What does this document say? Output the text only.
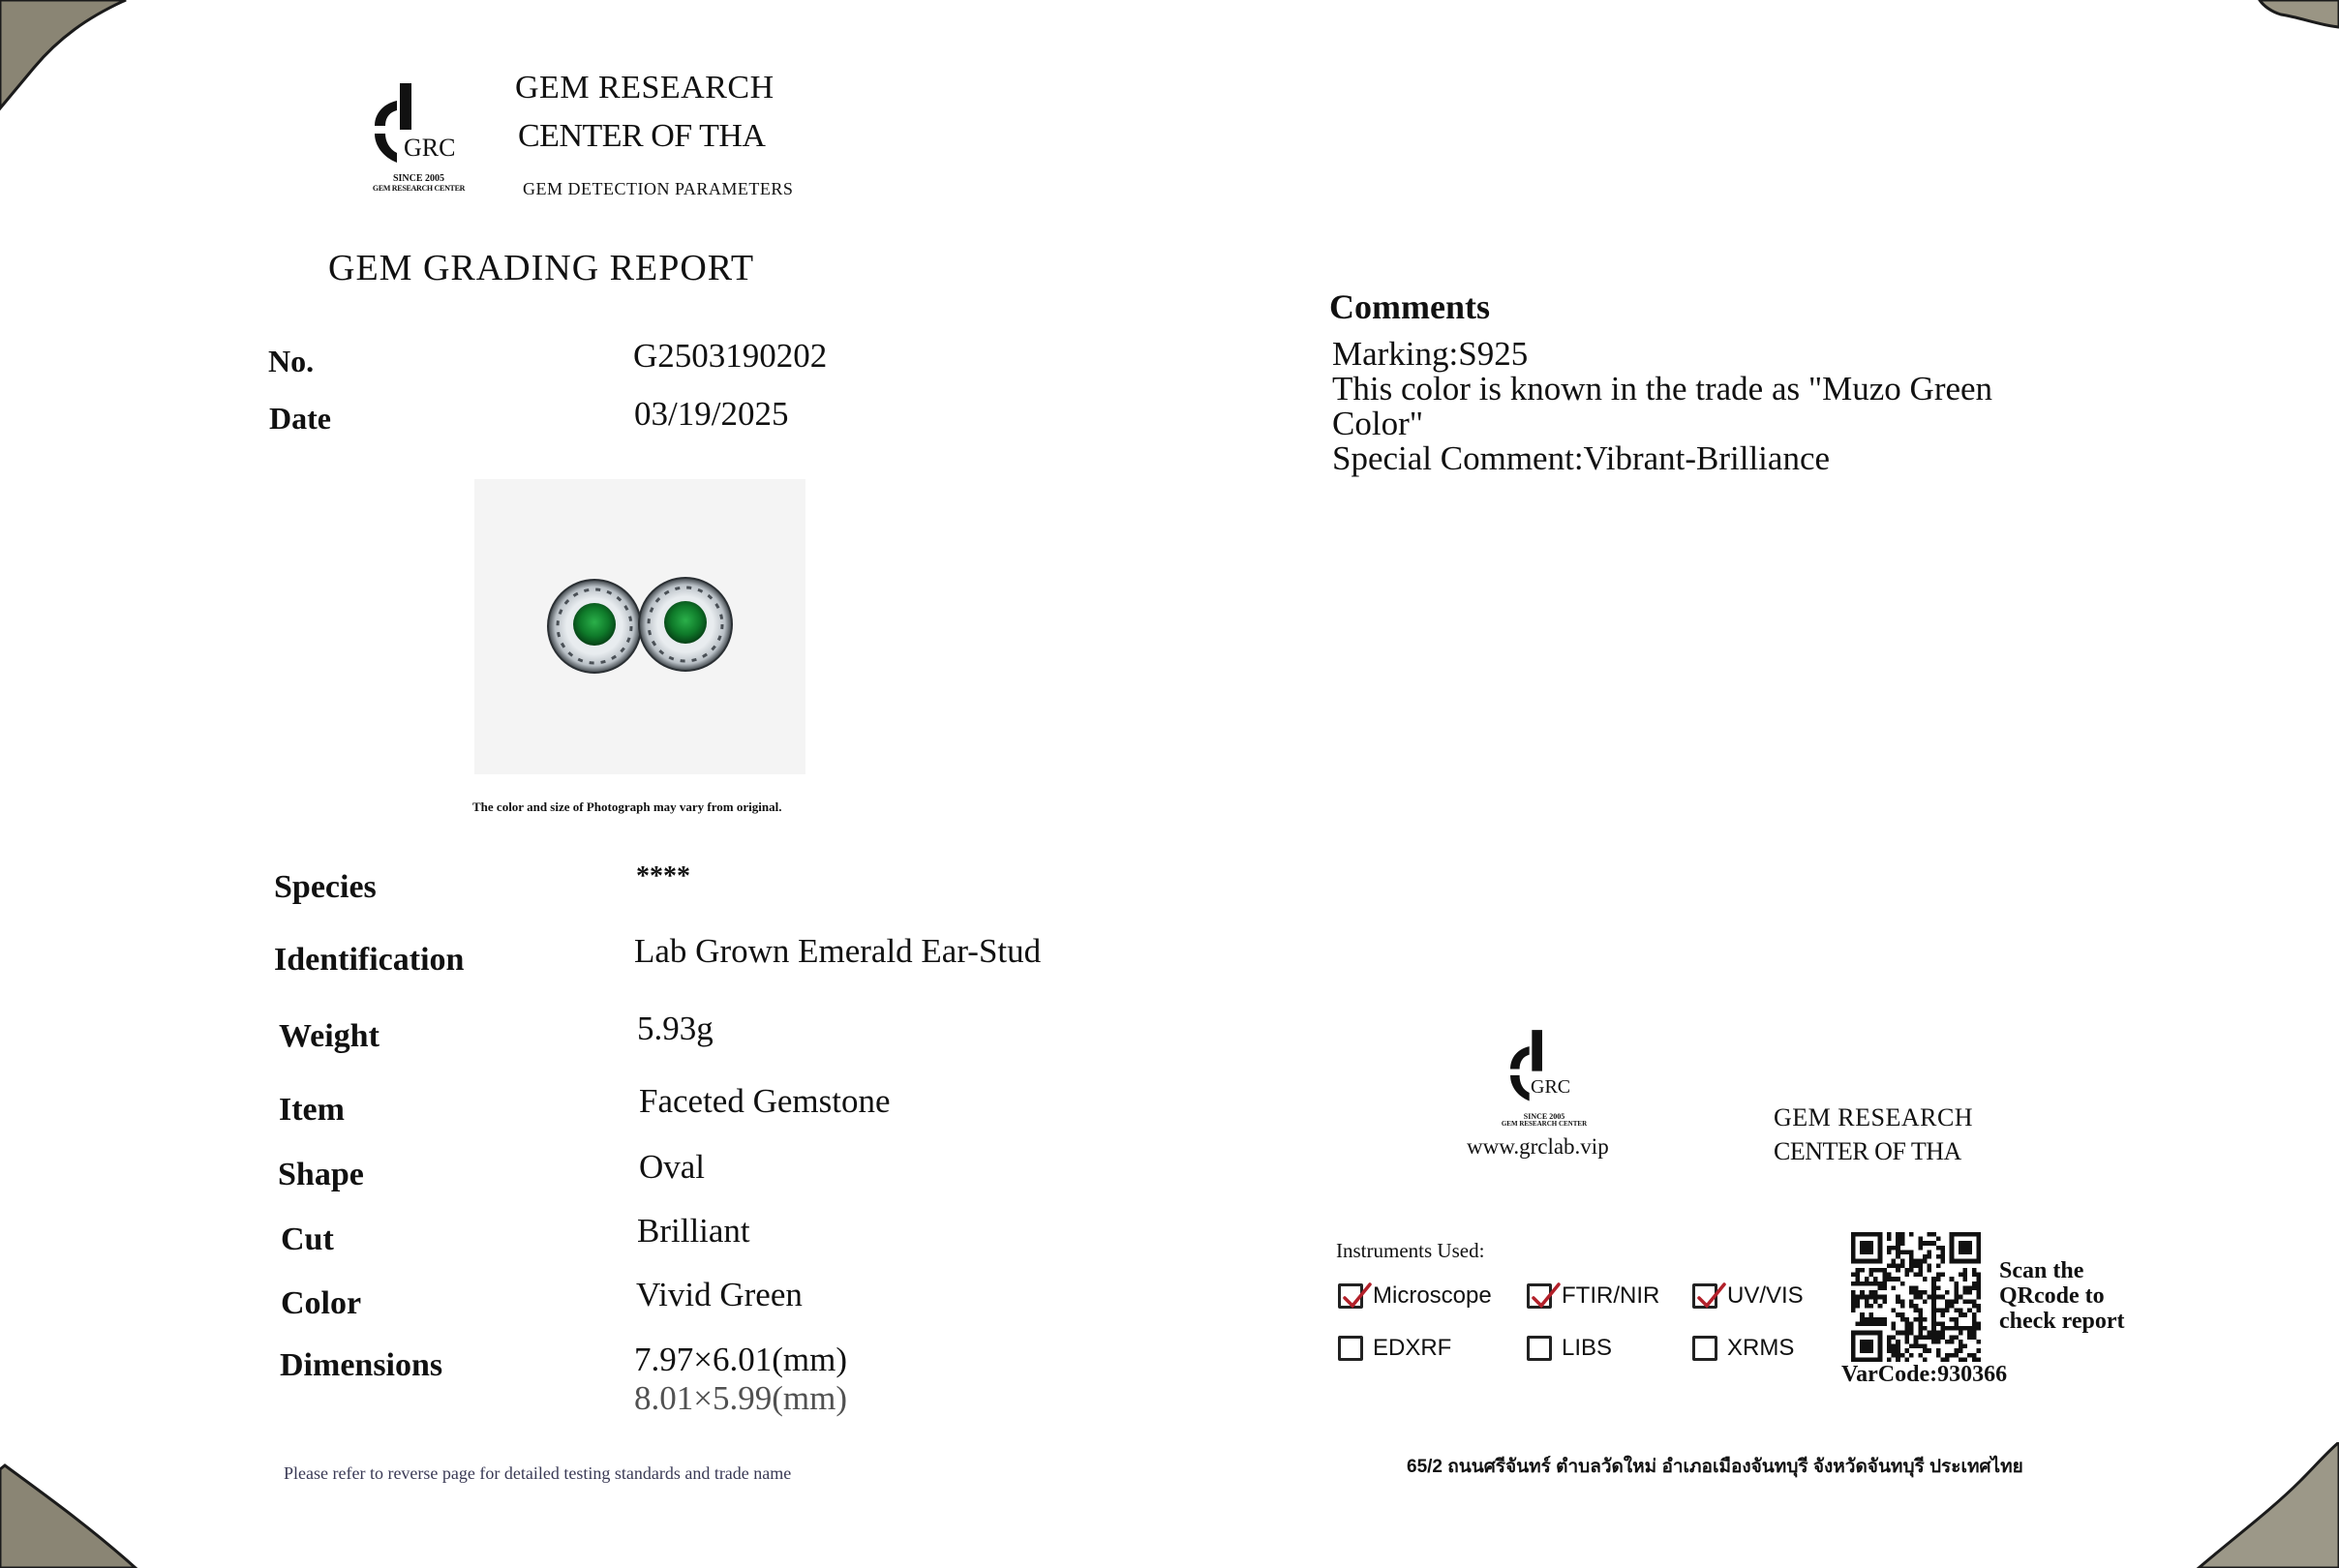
GRC
SINCE 2005
GEM RESEARCH CENTER
GEM RESEARCH
CENTER OF THA
GEM DETECTION PARAMETERS
GEM GRADING REPORT
No.	G2503190202
Date	03/19/2025
The color and size of Photograph may vary from original.
Species	****
Identification	Lab Grown Emerald Ear-Stud
Weight	5.93g
Item	Faceted Gemstone
Shape	Oval
Cut	Brilliant
Color	Vivid Green
Dimensions	7.97×6.01(mm)
8.01×5.99(mm)
Please refer to reverse page for detailed testing standards and trade name
Comments
Marking:S925
This color is known in the trade as "Muzo Green
Color"
Special Comment:Vibrant-Brilliance
GRC
SINCE 2005
GEM RESEARCH CENTER
www.grclab.vip
GEM RESEARCH
CENTER OF THA
Instruments Used:
Microscope	FTIR/NIR	UV/VIS
EDXRF	LIBS	XRMS
Scan the
QRcode to
check report
VarCode:930366
65/2 ถนนศรีจันทร์ ตำบลวัดใหม่ อำเภอเมืองจันทบุรี จังหวัดจันทบุรี ประเทศไทย
